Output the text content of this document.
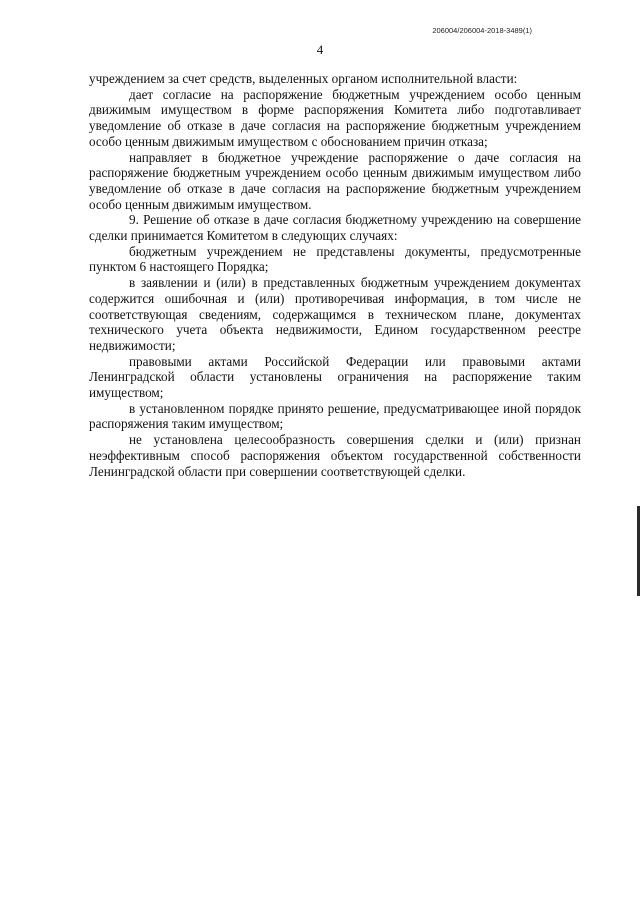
206004/206004-2018-3489(1)
4

учреждением за счет средств, выделенных органом исполнительной власти:

дает согласие на распоряжение бюджетным учреждением особо ценным движимым имуществом в форме распоряжения Комитета либо подготавливает уведомление об отказе в даче согласия на распоряжение бюджетным учреждением особо ценным движимым имуществом с обоснованием причин отказа;

направляет в бюджетное учреждение распоряжение о даче согласия на распоряжение бюджетным учреждением особо ценным движимым имуществом либо уведомление об отказе в даче согласия на распоряжение бюджетным учреждением особо ценным движимым имуществом.

9. Решение об отказе в даче согласия бюджетному учреждению на совершение сделки принимается Комитетом в следующих случаях:

бюджетным учреждением не представлены документы, предусмотренные пунктом 6 настоящего Порядка;

в заявлении и (или) в представленных бюджетным учреждением документах содержится ошибочная и (или) противоречивая информация, в том числе не соответствующая сведениям, содержащимся в техническом плане, документах технического учета объекта недвижимости, Едином государственном реестре недвижимости;

правовыми актами Российской Федерации или правовыми актами Ленинградской области установлены ограничения на распоряжение таким имуществом;

в установленном порядке принято решение, предусматривающее иной порядок распоряжения таким имуществом;

не установлена целесообразность совершения сделки и (или) признан неэффективным способ распоряжения объектом государственной собственности Ленинградской области при совершении соответствующей сделки.
